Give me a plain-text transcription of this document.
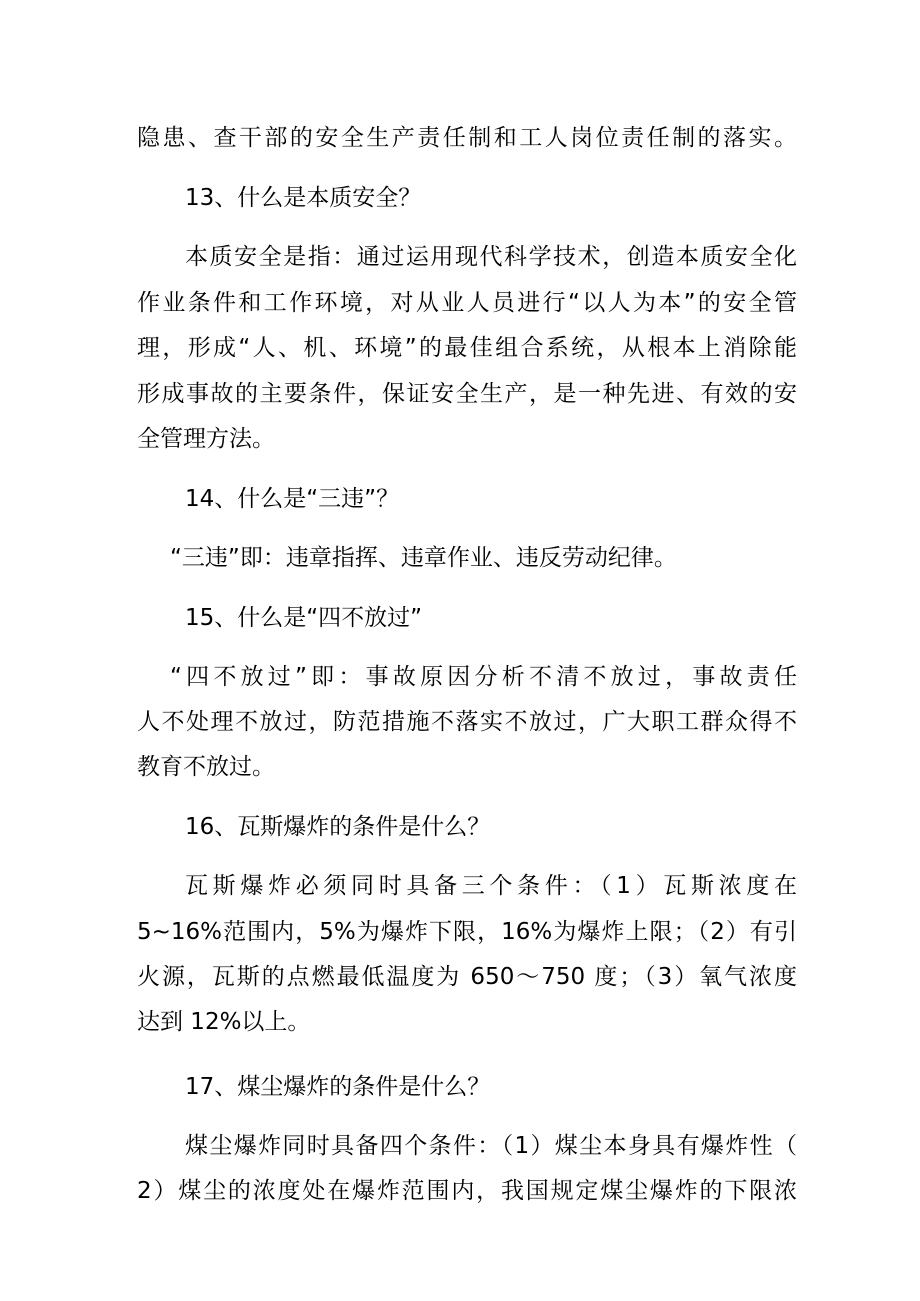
隐患、查干部的安全生产责任制和工人岗位责任制的落实。

13、什么是本质安全？

本质安全是指：通过运用现代科学技术，创造本质安全化

作业条件和工作环境，对从业人员进行“以人为本”的安全管

理，形成“人、机、环境”的最佳组合系统，从根本上消除能

形成事故的主要条件，保证安全生产，是一种先进、有效的安

全管理方法。

14、什么是“三违”？

“三违”即：违章指挥、违章作业、违反劳动纪律。

15、什么是“四不放过”

“四不放过”即：事故原因分析不清不放过，事故责任

人不处理不放过，防范措施不落实不放过，广大职工群众得不

教育不放过。

16、瓦斯爆炸的条件是什么？

瓦斯爆炸必须同时具备三个条件：（1）瓦斯浓度在

5~16%范围内，5%为爆炸下限，16%为爆炸上限；（2）有引

火源，瓦斯的点燃最低温度为 650～750 度；（3）氧气浓度

达到 12%以上。

17、煤尘爆炸的条件是什么？

煤尘爆炸同时具备四个条件：（1）煤尘本身具有爆炸性（

2）煤尘的浓度处在爆炸范围内，我国规定煤尘爆炸的下限浓
